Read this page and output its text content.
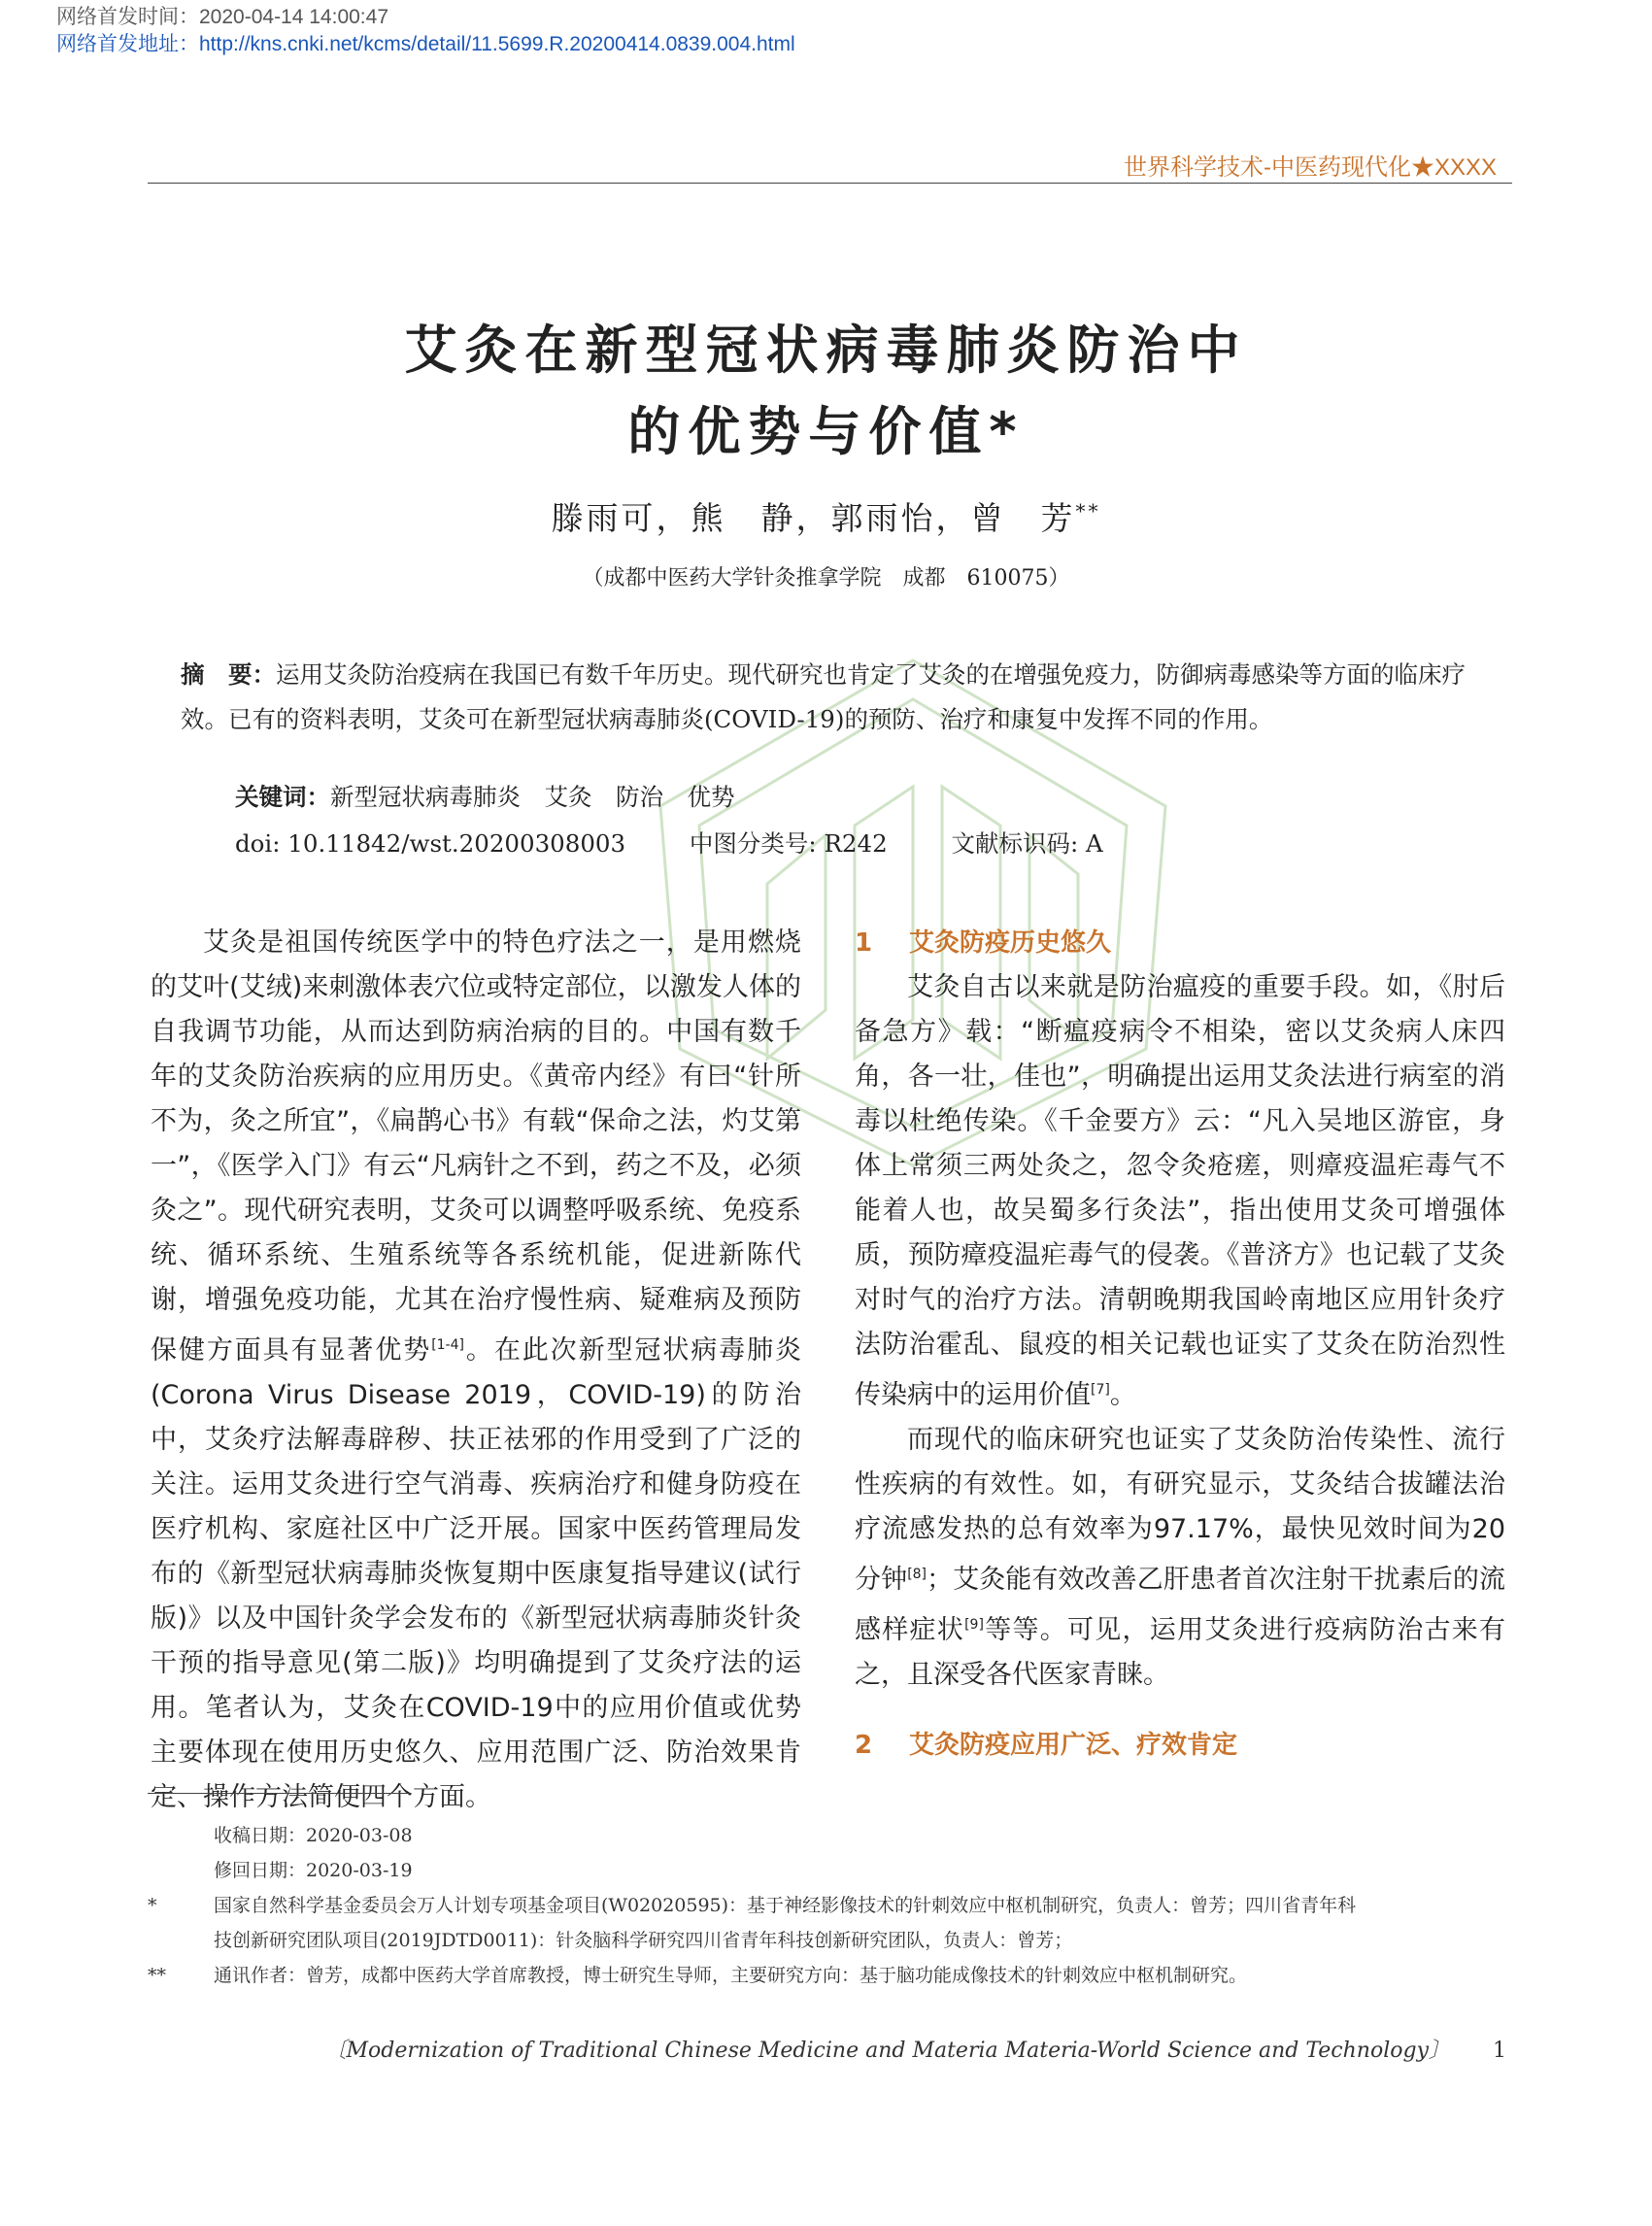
网络首发时间：2020-04-14 14:00:47
网络首发地址：http://kns.cnki.net/kcms/detail/11.5699.R.20200414.0839.004.html
世界科学技术-中医药现代化★XXXX
艾灸在新型冠状病毒肺炎防治中
的优势与价值*
滕雨可，熊　静，郭雨怡，曾　芳**
（成都中医药大学针灸推拿学院　成都　610075）

摘　要：运用艾灸防治疫病在我国已有数千年历史。现代研究也肯定了艾灸的在增强免疫力，防御病毒感染等方面的临床疗效。已有的资料表明，艾灸可在新型冠状病毒肺炎(COVID-19)的预防、治疗和康复中发挥不同的作用。

关键词：新型冠状病毒肺炎　艾灸　防治　优势
doi: 10.11842/wst.20200308003	中图分类号: R242	文献标识码: A

艾灸是祖国传统医学中的特色疗法之一，是用燃烧的艾叶(艾绒)来刺激体表穴位或特定部位，以激发人体的自我调节功能，从而达到防病治病的目的。中国有数千年的艾灸防治疾病的应用历史。《黄帝内经》有曰“针所不为，灸之所宜”，《扁鹊心书》有载“保命之法，灼艾第一”，《医学入门》有云“凡病针之不到，药之不及，必须灸之”。现代研究表明，艾灸可以调整呼吸系统、免疫系统、循环系统、生殖系统等各系统机能，促进新陈代谢，增强免疫功能，尤其在治疗慢性病、疑难病及预防保健方面具有显著优势[1-4]。在此次新型冠状病毒肺炎(Corona Virus Disease 2019，COVID-19)的防治中，艾灸疗法解毒辟秽、扶正祛邪的作用受到了广泛的关注。运用艾灸进行空气消毒、疾病治疗和健身防疫在医疗机构、家庭社区中广泛开展。国家中医药管理局发布的《新型冠状病毒肺炎恢复期中医康复指导建议(试行版)》以及中国针灸学会发布的《新型冠状病毒肺炎针灸干预的指导意见(第二版)》均明确提到了艾灸疗法的运用。笔者认为，艾灸在COVID-19中的应用价值或优势主要体现在使用历史悠久、应用范围广泛、防治效果肯定、操作方法简便四个方面。

1 艾灸防疫历史悠久

艾灸自古以来就是防治瘟疫的重要手段。如，《肘后备急方》载：“断瘟疫病令不相染，密以艾灸病人床四角，各一壮，佳也”，明确提出运用艾灸法进行病室的消毒以杜绝传染。《千金要方》云：“凡入吴地区游宦，身体上常须三两处灸之，忽令灸疮瘥，则瘴疫温疟毒气不能着人也，故吴蜀多行灸法”，指出使用艾灸可增强体质，预防瘴疫温疟毒气的侵袭。《普济方》也记载了艾灸对时气的治疗方法。清朝晚期我国岭南地区应用针灸疗法防治霍乱、鼠疫的相关记载也证实了艾灸在防治烈性传染病中的运用价值[7]。

而现代的临床研究也证实了艾灸防治传染性、流行性疾病的有效性。如，有研究显示，艾灸结合拔罐法治疗流感发热的总有效率为97.17%，最快见效时间为20分钟[8]；艾灸能有效改善乙肝患者首次注射干扰素后的流感样症状[9]等等。可见，运用艾灸进行疫病防治古来有之，且深受各代医家青睐。

2 艾灸防疫应用广泛、疗效肯定

收稿日期：2020-03-08
修回日期：2020-03-19
*	国家自然科学基金委员会万人计划专项基金项目(W02020595)：基于神经影像技术的针刺效应中枢机制研究，负责人：曾芳；四川省青年科
技创新研究团队项目(2019JDTD0011)：针灸脑科学研究四川省青年科技创新研究团队，负责人：曾芳；
**	通讯作者：曾芳，成都中医药大学首席教授，博士研究生导师，主要研究方向：基于脑功能成像技术的针刺效应中枢机制研究。
〔Modernization of Traditional Chinese Medicine and Materia Materia-World Science and Technology〕 1
